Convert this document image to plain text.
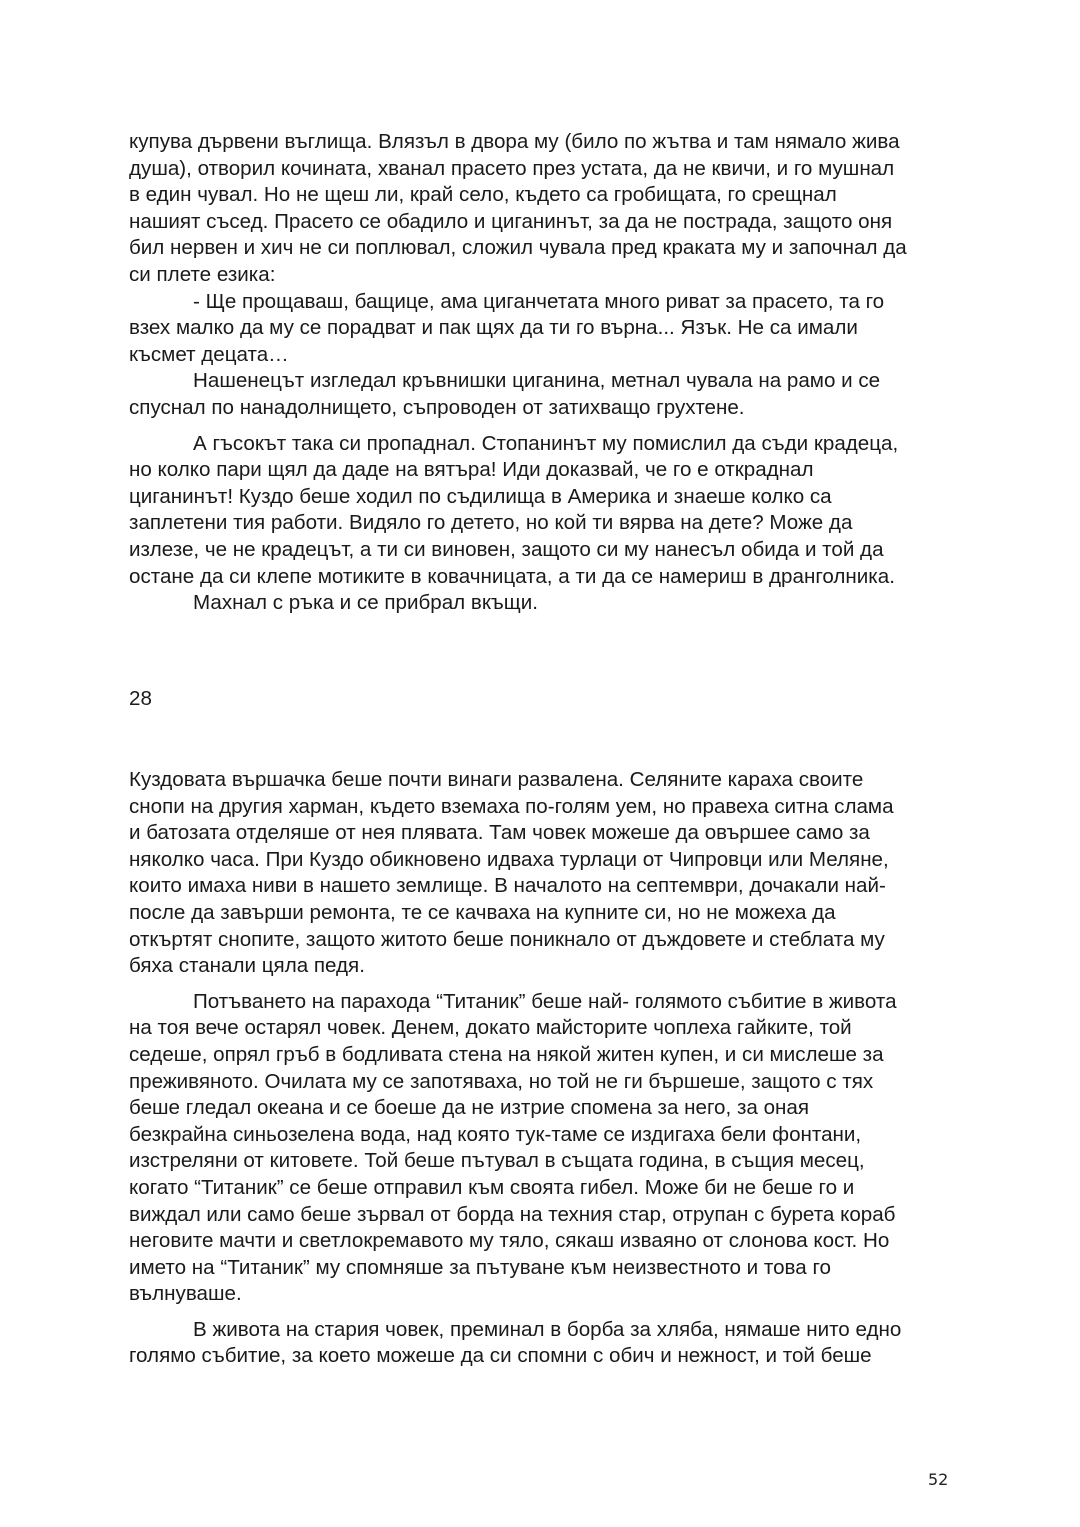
купува дървени въглища. Влязъл в двора му (било по жътва и там нямало жива
душа), отворил кочината, хванал прасето през устата, да не квичи, и го мушнал
в един чувал. Но не щеш ли, край село, където са гробищата, го срещнал
нашият съсед. Прасето се обадило и циганинът, за да не пострада, защото оня
бил нервен и хич не си поплювал, сложил чувала пред краката му и започнал да
си плете езика:
- Ще прощаваш, бащице, ама циганчетата много риват за прасето, та го
взех малко да му се порадват и пак щях да ти го върна... Язък. Не са имали
късмет децата…
Нашенецът изгледал кръвнишки циганина, метнал чувала на рамо и се
спуснал по нанадолнището, съпроводен от затихващо грухтене.
А гъсокът така си пропаднал. Стопанинът му помислил да съди крадеца,
но колко пари щял да даде на вятъра! Иди доказвай, че го е откраднал
циганинът! Куздо беше ходил по съдилища в Америка и знаеше колко са
заплетени тия работи. Видяло го детето, но кой ти вярва на дете? Може да
излезе, че не крадецът, а ти си виновен, защото си му нанесъл обида и той да
остане да си клепе мотиките в ковачницата, а ти да се намериш в дранголника.
Махнал с ръка и се прибрал вкъщи.
28
Куздовата вършачка беше почти винаги развалена. Селяните караха своите
снопи на другия харман, където вземаха по-голям уем, но правеха ситна слама
и батозата отделяше от нея плявата. Там човек можеше да овършее само за
няколко часа. При Куздо обикновено идваха турлаци от Чипровци или Меляне,
които имаха ниви в нашето землище. В началото на септември, дочакали най-
после да завърши ремонта, те се качваха на купните си, но не можеха да
откъртят снопите, защото житото беше поникнало от дъждовете и стеблата му
бяха станали цяла педя.
Потъването на парахода “Титаник” беше най- голямото събитие в живота
на тоя вече остарял човек. Денем, докато майсторите чоплеха гайките, той
седеше, опрял гръб в бодливата стена на някой житен купен, и си мислеше за
преживяното. Очилата му се запотяваха, но той не ги бършеше, защото с тях
беше гледал океана и се боеше да не изтрие спомена за него, за оная
безкрайна синьозелена вода, над която тук-таме се издигаха бели фонтани,
изстреляни от китовете. Той беше пътувал в същата година, в същия месец,
когато “Титаник” се беше отправил към своята гибел. Може би не беше го и
виждал или само беше зървал от борда на техния стар, отрупан с бурета кораб
неговите мачти и светлокремавото му тяло, сякаш изваяно от слонова кост. Но
името на “Титаник” му спомняше за пътуване към неизвестното и това го
вълнуваше.
В живота на стария човек, преминал в борба за хляба, нямаше нито едно
голямо събитие, за което можеше да си спомни с обич и нежност, и той беше
52
